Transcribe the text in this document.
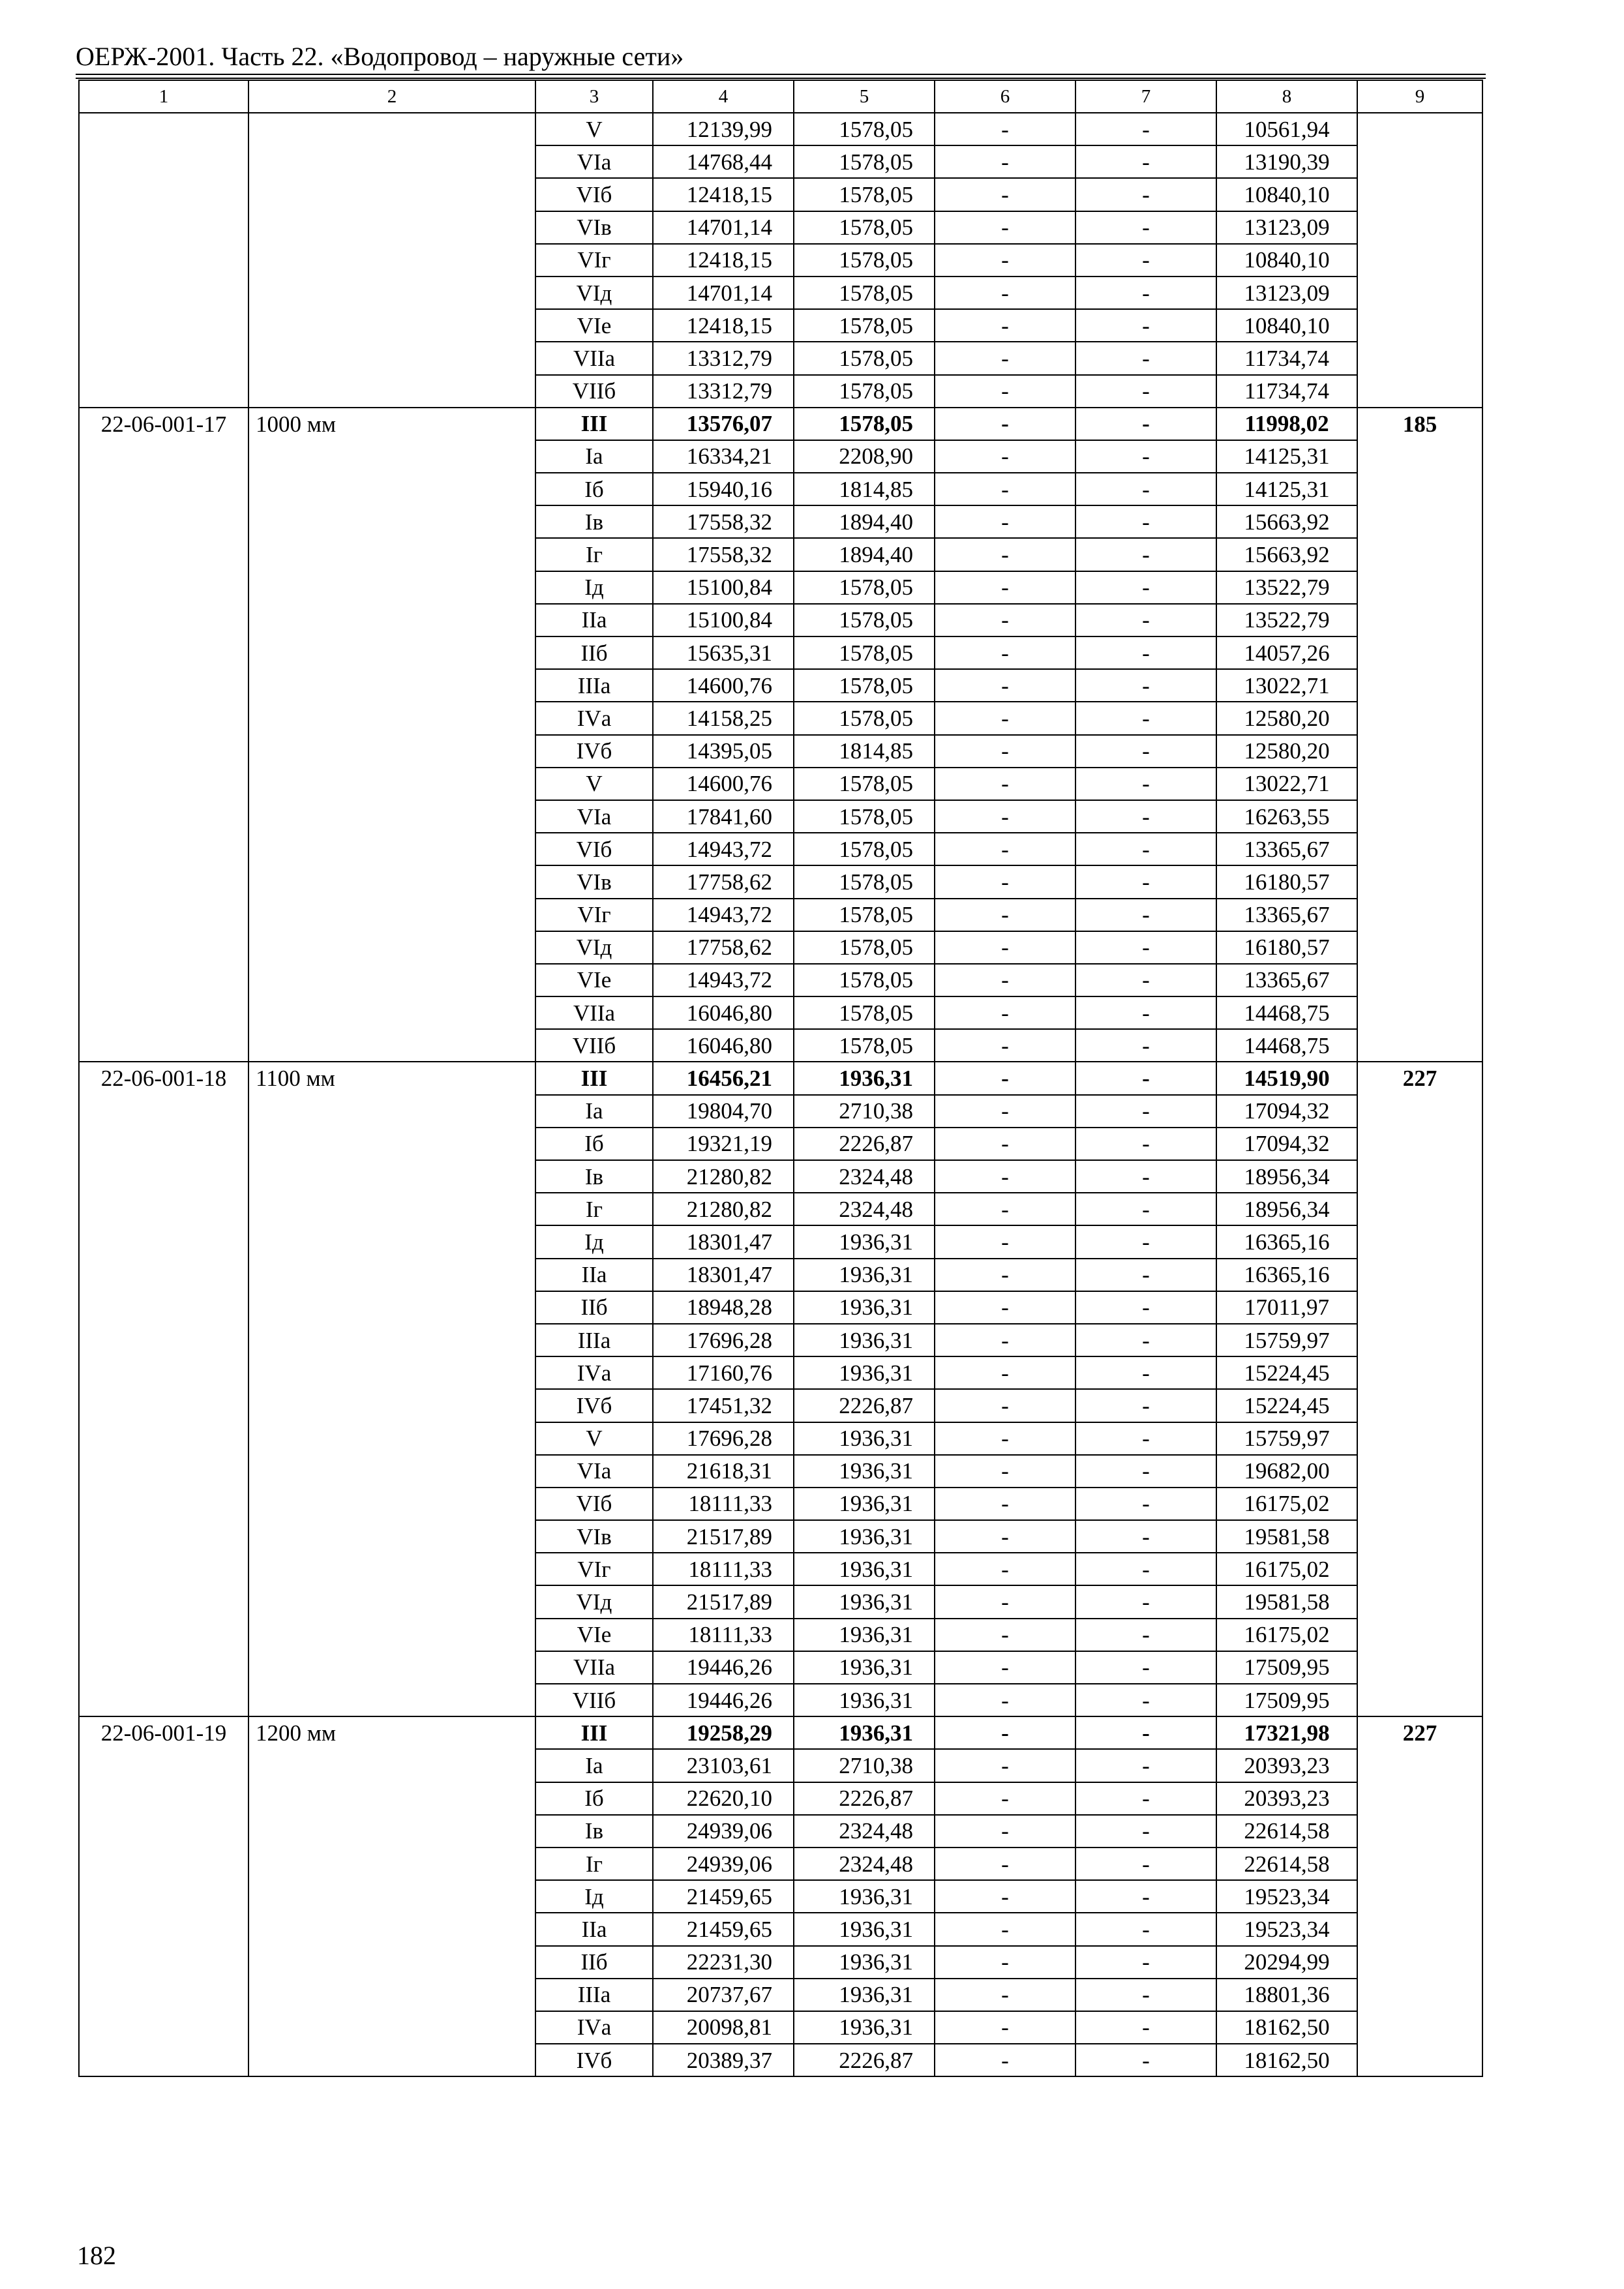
ОЕРЖ-2001. Часть 22. «Водопровод – наружные сети»
1	2	3	4	5	6	7	8	9
		V	12139,99	1578,05	-	-	10561,94	
		VIа	14768,44	1578,05	-	-	13190,39	
		VIб	12418,15	1578,05	-	-	10840,10	
		VIв	14701,14	1578,05	-	-	13123,09	
		VIг	12418,15	1578,05	-	-	10840,10	
		VIд	14701,14	1578,05	-	-	13123,09	
		VIе	12418,15	1578,05	-	-	10840,10	
		VIIа	13312,79	1578,05	-	-	11734,74	
		VIIб	13312,79	1578,05	-	-	11734,74	
22-06-001-17	1000 мм	III	13576,07	1578,05	-	-	11998,02	185
		Iа	16334,21	2208,90	-	-	14125,31	
		Iб	15940,16	1814,85	-	-	14125,31	
		Iв	17558,32	1894,40	-	-	15663,92	
		Iг	17558,32	1894,40	-	-	15663,92	
		Iд	15100,84	1578,05	-	-	13522,79	
		IIа	15100,84	1578,05	-	-	13522,79	
		IIб	15635,31	1578,05	-	-	14057,26	
		IIIа	14600,76	1578,05	-	-	13022,71	
		IVа	14158,25	1578,05	-	-	12580,20	
		IVб	14395,05	1814,85	-	-	12580,20	
		V	14600,76	1578,05	-	-	13022,71	
		VIа	17841,60	1578,05	-	-	16263,55	
		VIб	14943,72	1578,05	-	-	13365,67	
		VIв	17758,62	1578,05	-	-	16180,57	
		VIг	14943,72	1578,05	-	-	13365,67	
		VIд	17758,62	1578,05	-	-	16180,57	
		VIе	14943,72	1578,05	-	-	13365,67	
		VIIа	16046,80	1578,05	-	-	14468,75	
		VIIб	16046,80	1578,05	-	-	14468,75	
22-06-001-18	1100 мм	III	16456,21	1936,31	-	-	14519,90	227
		Iа	19804,70	2710,38	-	-	17094,32	
		Iб	19321,19	2226,87	-	-	17094,32	
		Iв	21280,82	2324,48	-	-	18956,34	
		Iг	21280,82	2324,48	-	-	18956,34	
		Iд	18301,47	1936,31	-	-	16365,16	
		IIа	18301,47	1936,31	-	-	16365,16	
		IIб	18948,28	1936,31	-	-	17011,97	
		IIIа	17696,28	1936,31	-	-	15759,97	
		IVа	17160,76	1936,31	-	-	15224,45	
		IVб	17451,32	2226,87	-	-	15224,45	
		V	17696,28	1936,31	-	-	15759,97	
		VIа	21618,31	1936,31	-	-	19682,00	
		VIб	18111,33	1936,31	-	-	16175,02	
		VIв	21517,89	1936,31	-	-	19581,58	
		VIг	18111,33	1936,31	-	-	16175,02	
		VIд	21517,89	1936,31	-	-	19581,58	
		VIе	18111,33	1936,31	-	-	16175,02	
		VIIа	19446,26	1936,31	-	-	17509,95	
		VIIб	19446,26	1936,31	-	-	17509,95	
22-06-001-19	1200 мм	III	19258,29	1936,31	-	-	17321,98	227
		Iа	23103,61	2710,38	-	-	20393,23	
		Iб	22620,10	2226,87	-	-	20393,23	
		Iв	24939,06	2324,48	-	-	22614,58	
		Iг	24939,06	2324,48	-	-	22614,58	
		Iд	21459,65	1936,31	-	-	19523,34	
		IIа	21459,65	1936,31	-	-	19523,34	
		IIб	22231,30	1936,31	-	-	20294,99	
		IIIа	20737,67	1936,31	-	-	18801,36	
		IVа	20098,81	1936,31	-	-	18162,50	
		IVб	20389,37	2226,87	-	-	18162,50	
182
